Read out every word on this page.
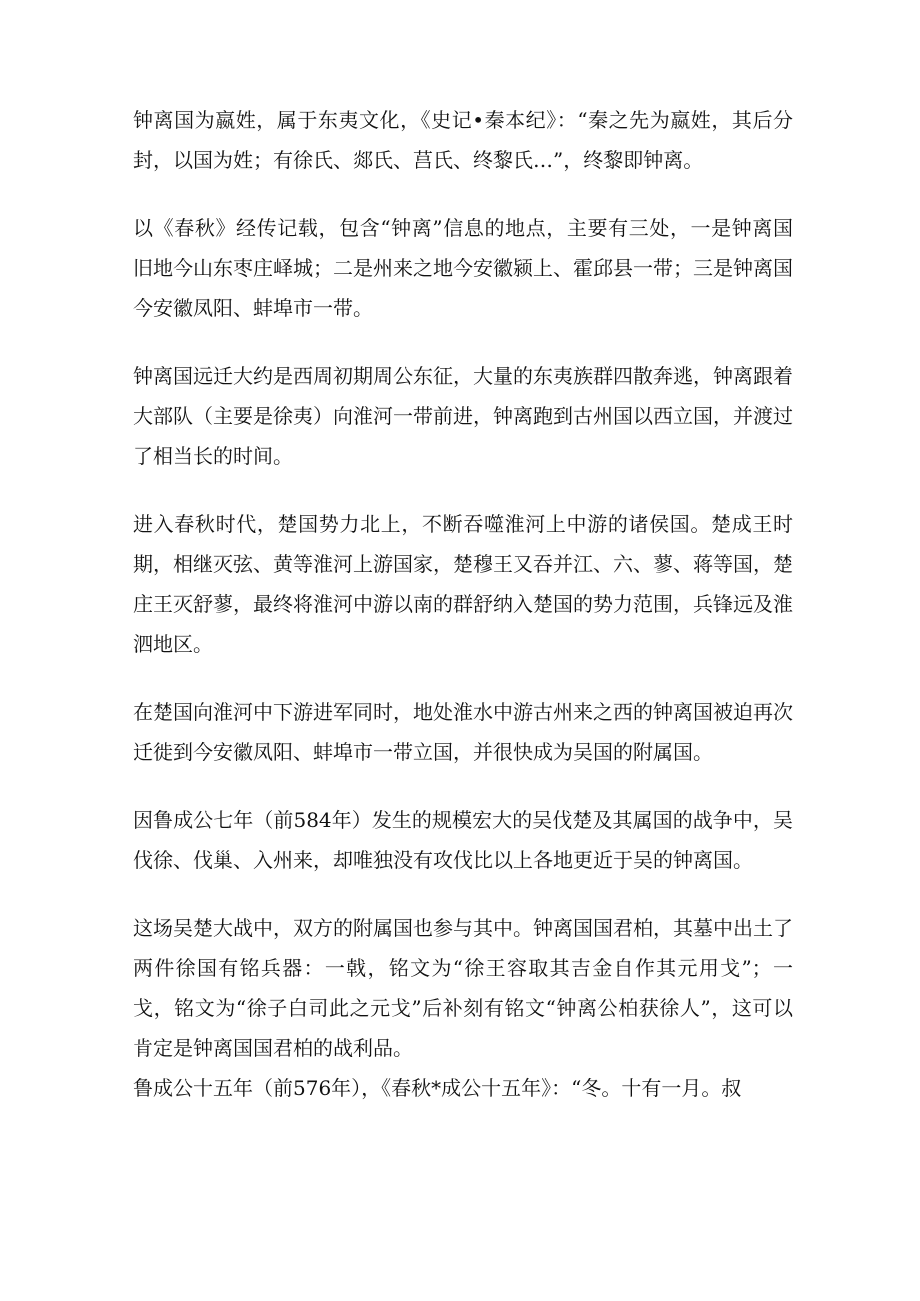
钟离国为嬴姓，属于东夷文化，《史记•秦本纪》：“秦之先为嬴姓，其后分封，以国为姓；有徐氏、郯氏、莒氏、终黎氏…”，终黎即钟离。

以《春秋》经传记载，包含“钟离”信息的地点，主要有三处，一是钟离国旧地今山东枣庄峄城；二是州来之地今安徽颍上、霍邱县一带；三是钟离国今安徽凤阳、蚌埠市一带。

钟离国远迁大约是西周初期周公东征，大量的东夷族群四散奔逃，钟离跟着大部队（主要是徐夷）向淮河一带前进，钟离跑到古州国以西立国，并渡过了相当长的时间。

进入春秋时代，楚国势力北上，不断吞噬淮河上中游的诸侯国。楚成王时期，相继灭弦、黄等淮河上游国家，楚穆王又吞并江、六、蓼、蒋等国，楚庄王灭舒蓼，最终将淮河中游以南的群舒纳入楚国的势力范围，兵锋远及淮泗地区。

在楚国向淮河中下游进军同时，地处淮水中游古州来之西的钟离国被迫再次迁徙到今安徽凤阳、蚌埠市一带立国，并很快成为吴国的附属国。

因鲁成公七年（前584年）发生的规模宏大的吴伐楚及其属国的战争中，吴伐徐、伐巢、入州来，却唯独没有攻伐比以上各地更近于吴的钟离国。

这场吴楚大战中，双方的附属国也参与其中。钟离国国君柏，其墓中出土了两件徐国有铭兵器：一戟，铭文为“徐王容取其吉金自作其元用戈”；一戈，铭文为“徐子白司此之元戈”后补刻有铭文“钟离公柏获徐人”，这可以肯定是钟离国国君柏的战利品。

鲁成公十五年（前576年），《春秋*成公十五年》：“冬。十有一月。叔
